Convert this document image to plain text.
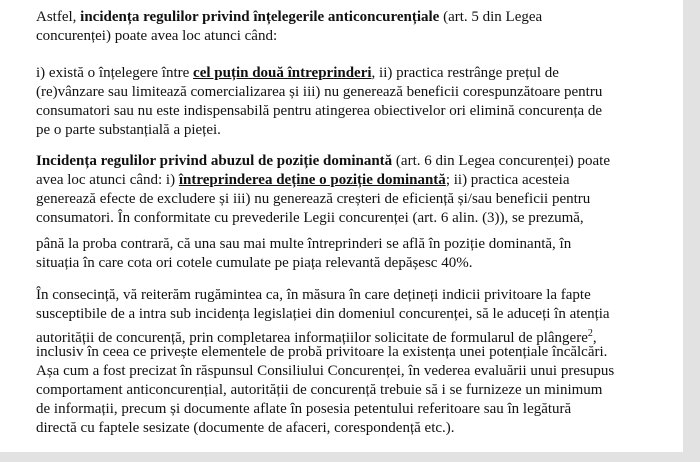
Astfel, incidența regulilor privind înțelegerile anticoncurențiale (art. 5 din Legea
concurenței) poate avea loc atunci când:
i) există o înțelegere între cel puțin două întreprinderi, ii) practica restrânge prețul de
(re)vânzare sau limitează comercializarea și iii) nu generează beneficii corespunzătoare pentru
consumatori sau nu este indispensabilă pentru atingerea obiectivelor ori elimină concurența de
pe o parte substanțială a pieței.
Incidența regulilor privind abuzul de poziție dominantă (art. 6 din Legea concurenței) poate
avea loc atunci când: i) întreprinderea deține o poziție dominantă; ii) practica acesteia
generează efecte de excludere și iii) nu generează creșteri de eficiență și/sau beneficii pentru
consumatori. În conformitate cu prevederile Legii concurenței (art. 6 alin. (3)), se prezumă,
până la proba contrară, că una sau mai multe întreprinderi se află în poziție dominantă, în
situația în care cota ori cotele cumulate pe piața relevantă depășesc 40%.
În consecință, vă reiterăm rugămintea ca, în măsura în care dețineți indicii privitoare la fapte
susceptibile de a intra sub incidența legislației din domeniul concurenței, să le aduceți în atenția
autorității de concurență, prin completarea informațiilor solicitate de formularul de plângere$^2$,
inclusiv în ceea ce privește elementele de probă privitoare la existența unei potențiale încălcări.
Așa cum a fost precizat în răspunsul Consiliului Concurenței, în vederea evaluării unui presupus
comportament anticoncurențial, autorității de concurență trebuie să i se furnizeze un minimum
de informații, precum și documente aflate în posesia petentului referitoare sau în legătură
directă cu faptele sesizate (documente de afaceri, corespondență etc.).
